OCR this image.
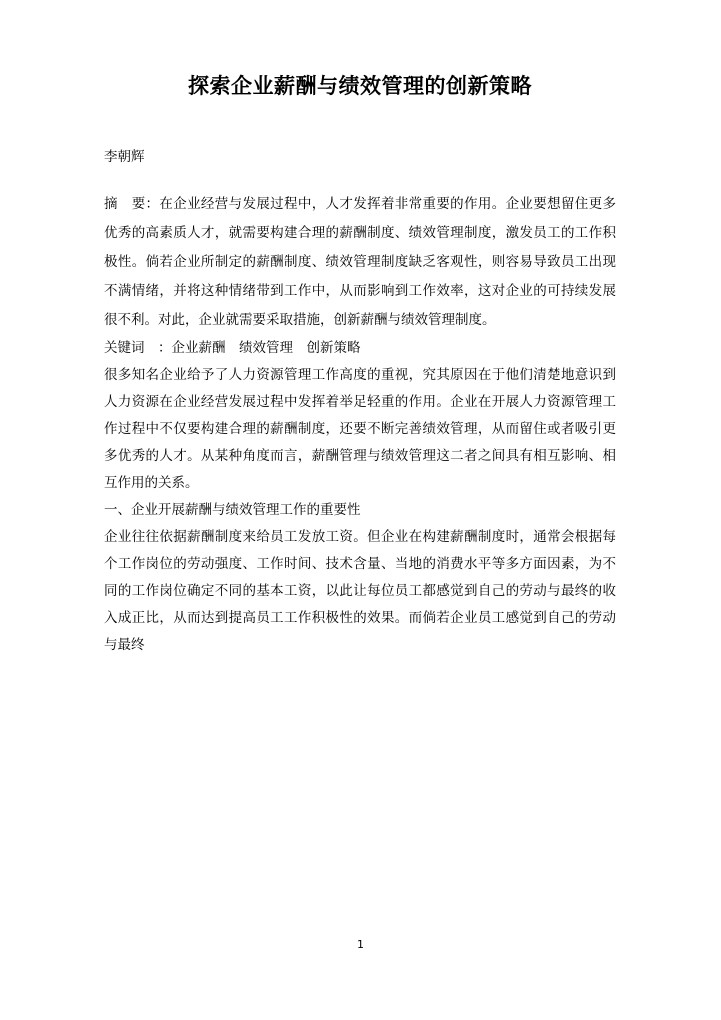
探索企业薪酬与绩效管理的创新策略

李朝辉

摘　要：在企业经营与发展过程中，人才发挥着非常重要的作用。企业要想留住更多优秀的高素质人才，就需要构建合理的薪酬制度、绩效管理制度，激发员工的工作积极性。倘若企业所制定的薪酬制度、绩效管理制度缺乏客观性，则容易导致员工出现不满情绪，并将这种情绪带到工作中，从而影响到工作效率，这对企业的可持续发展很不利。对此，企业就需要采取措施，创新薪酬与绩效管理制度。

关键词　：企业薪酬　绩效管理　创新策略

很多知名企业给予了人力资源管理工作高度的重视，究其原因在于他们清楚地意识到人力资源在企业经营发展过程中发挥着举足轻重的作用。企业在开展人力资源管理工作过程中不仅要构建合理的薪酬制度，还要不断完善绩效管理，从而留住或者吸引更多优秀的人才。从某种角度而言，薪酬管理与绩效管理这二者之间具有相互影响、相互作用的关系。

一、企业开展薪酬与绩效管理工作的重要性

企业往往依据薪酬制度来给员工发放工资。但企业在构建薪酬制度时，通常会根据每个工作岗位的劳动强度、工作时间、技术含量、当地的消费水平等多方面因素，为不同的工作岗位确定不同的基本工资，以此让每位员工都感觉到自己的劳动与最终的收入成正比，从而达到提高员工工作积极性的效果。而倘若企业员工感觉到自己的劳动与最终

1
